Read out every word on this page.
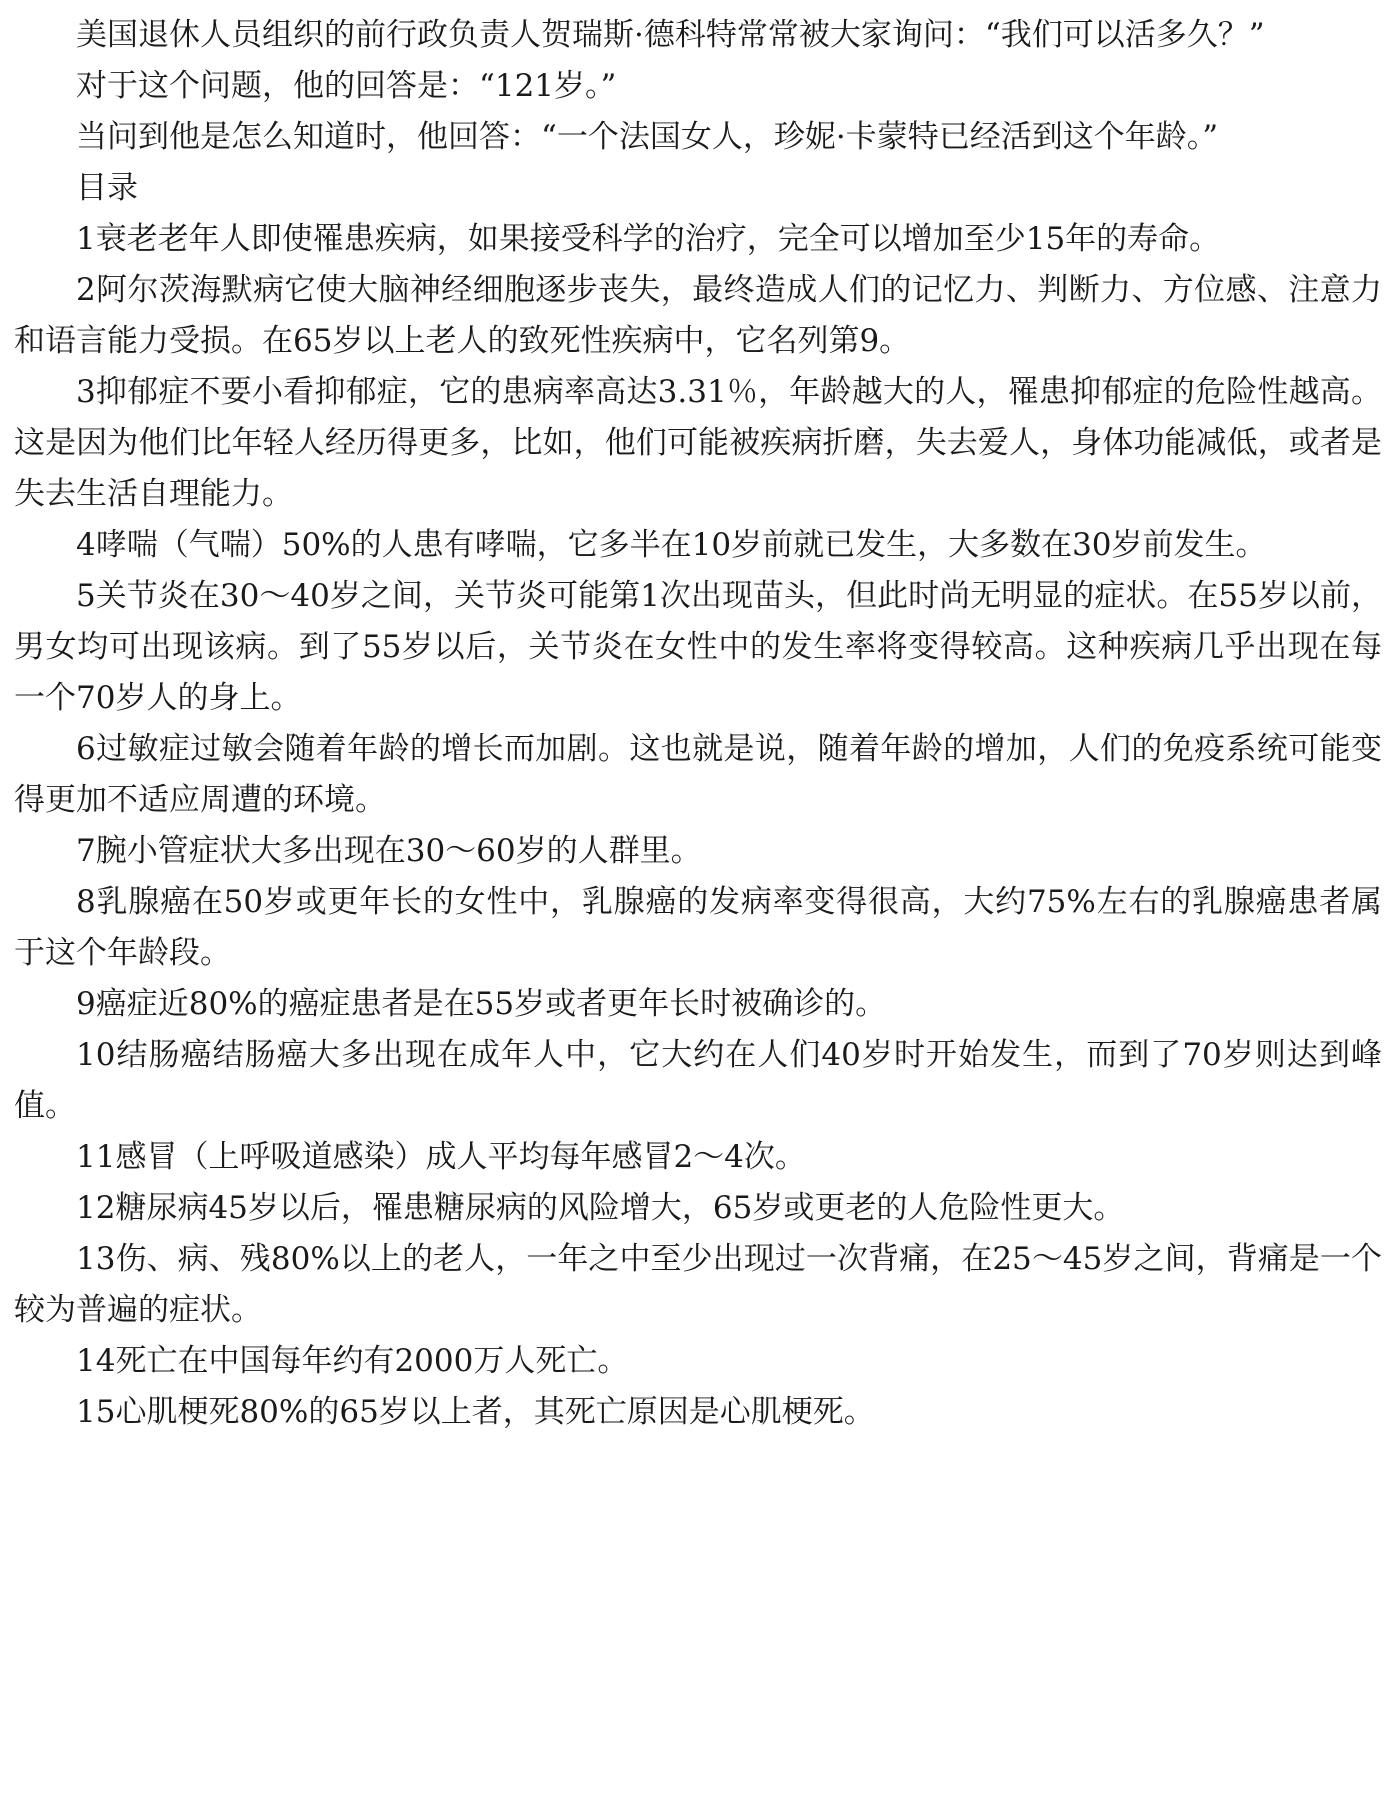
美国退休人员组织的前行政负责人贺瑞斯·德科特常常被大家询问：“我们可以活多久？”

对于这个问题，他的回答是：“121岁。”

当问到他是怎么知道时，他回答：“一个法国女人，珍妮·卡蒙特已经活到这个年龄。”

目录

1衰老老年人即使罹患疾病，如果接受科学的治疗，完全可以增加至少15年的寿命。

2阿尔茨海默病它使大脑神经细胞逐步丧失，最终造成人们的记忆力、判断力、方位感、注意力和语言能力受损。在65岁以上老人的致死性疾病中，它名列第9。

3抑郁症不要小看抑郁症，它的患病率高达3.31％，年龄越大的人，罹患抑郁症的危险性越高。这是因为他们比年轻人经历得更多，比如，他们可能被疾病折磨，失去爱人，身体功能减低，或者是失去生活自理能力。

4哮喘（气喘）50%的人患有哮喘，它多半在10岁前就已发生，大多数在30岁前发生。

5关节炎在30～40岁之间，关节炎可能第1次出现苗头，但此时尚无明显的症状。在55岁以前，男女均可出现该病。到了55岁以后，关节炎在女性中的发生率将变得较高。这种疾病几乎出现在每一个70岁人的身上。

6过敏症过敏会随着年龄的增长而加剧。这也就是说，随着年龄的增加，人们的免疫系统可能变得更加不适应周遭的环境。

7腕小管症状大多出现在30～60岁的人群里。

8乳腺癌在50岁或更年长的女性中，乳腺癌的发病率变得很高，大约75%左右的乳腺癌患者属于这个年龄段。

9癌症近80%的癌症患者是在55岁或者更年长时被确诊的。

10结肠癌结肠癌大多出现在成年人中，它大约在人们40岁时开始发生，而到了70岁则达到峰值。

11感冒（上呼吸道感染）成人平均每年感冒2～4次。

12糖尿病45岁以后，罹患糖尿病的风险增大，65岁或更老的人危险性更大。

13伤、病、残80%以上的老人，一年之中至少出现过一次背痛，在25～45岁之间，背痛是一个较为普遍的症状。

14死亡在中国每年约有2000万人死亡。

15心肌梗死80%的65岁以上者，其死亡原因是心肌梗死。
